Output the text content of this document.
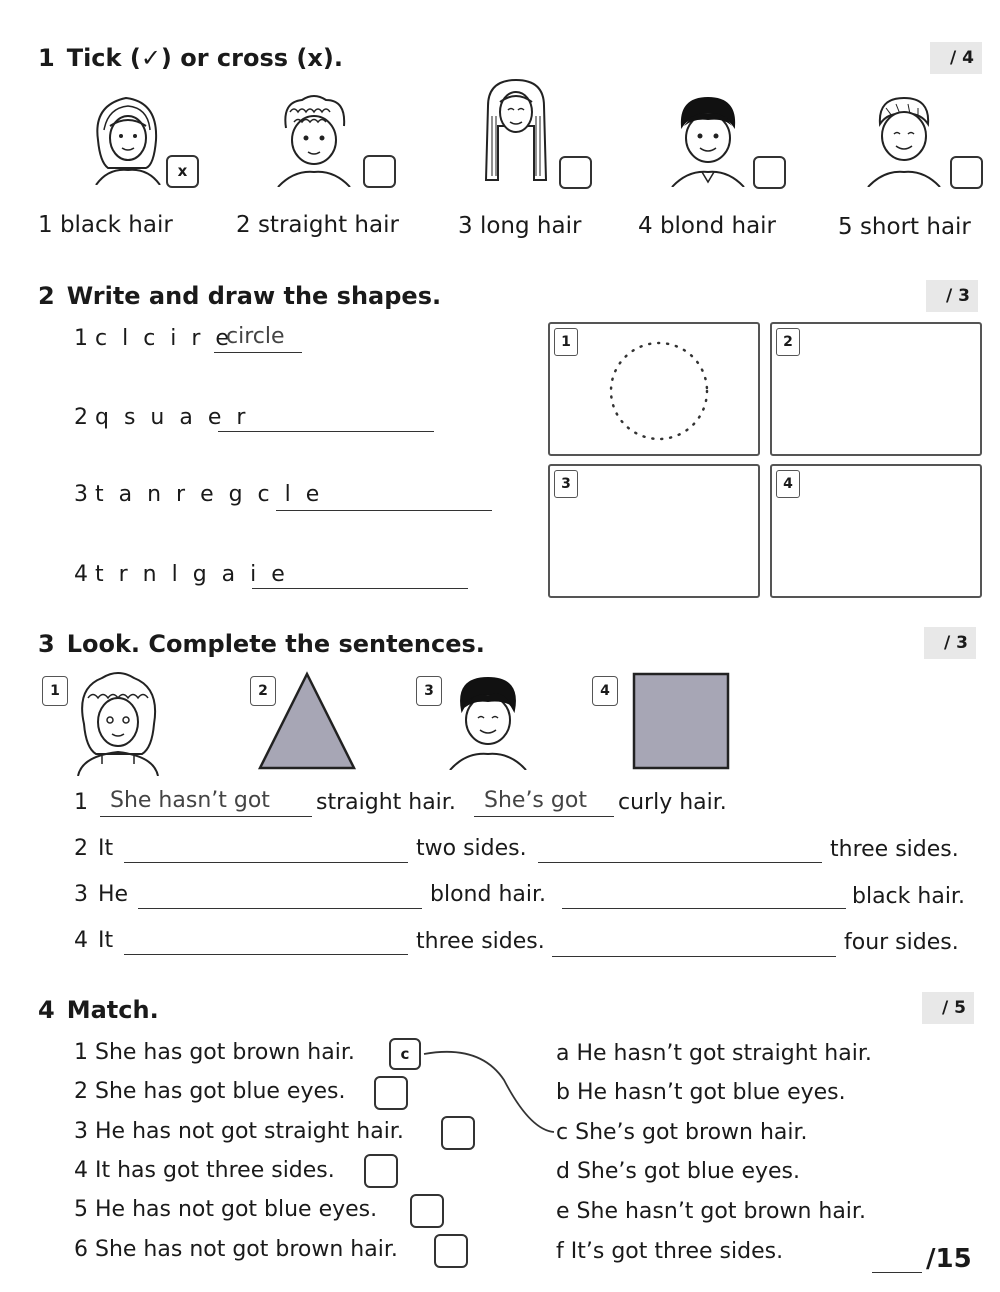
1 Tick (✓) or cross (x).	/ 4
x
1 black hair	2 straight hair	3 long hair 4 blond hair	5 short hair
2 Write and draw the shapes.	/ 3
1 c l c i r e
circle
2 q s u a e r
3 t a n r e g c l e
4 t r n l g a i e
1	2
3	4
3 Look. Complete the sentences.	/ 3
1	2	3	4
1 She hasn’t got straight hair. She’s got curly hair.
2 It	two sides.	three sides.
3 He	blond hair.	black hair.
4 It	three sides.	four sides.
4 Match.	/ 5
1 She has got brown hair.	c
2 She has got blue eyes.
3 He has not got straight hair.
4 It has got three sides.
5 He has not got blue eyes.
6 She has not got brown hair.
a He hasn’t got straight hair.
b He hasn’t got blue eyes.
c She’s got brown hair.
d She’s got blue eyes.
e She hasn’t got brown hair.
f It’s got three sides.	/15
